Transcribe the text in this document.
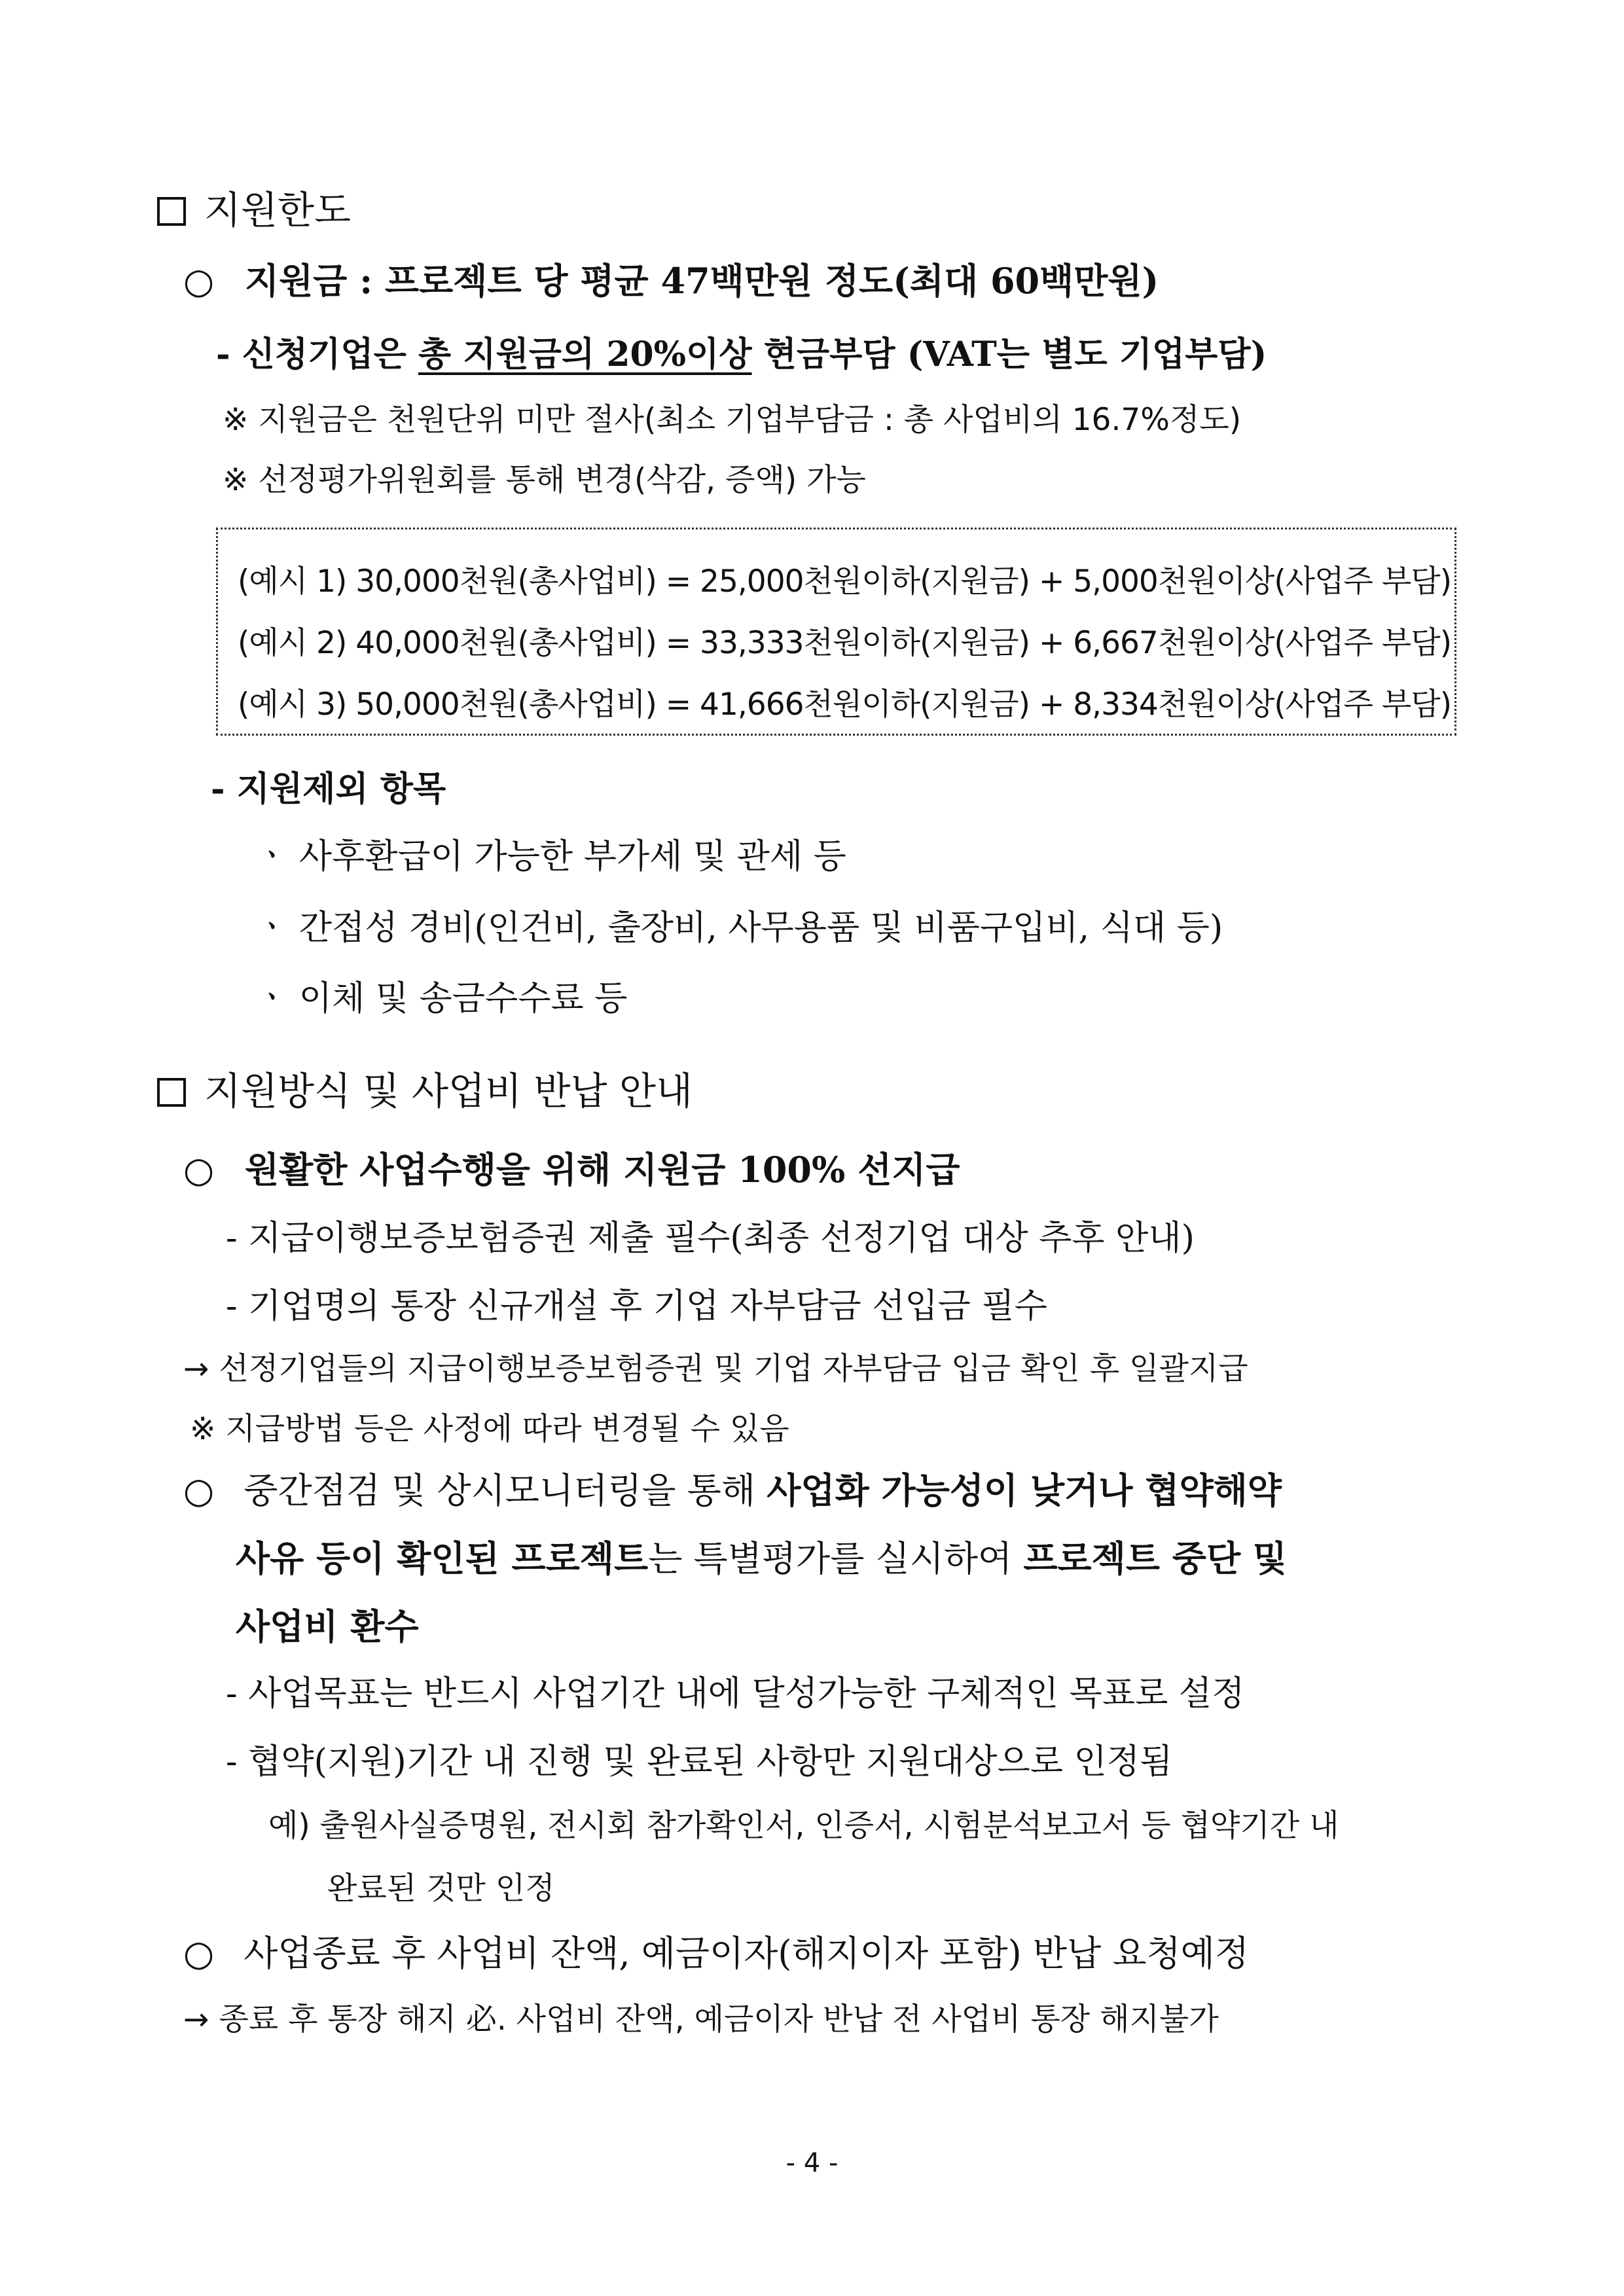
지원한도
○ 지원금 : 프로젝트 당 평균 47백만원 정도(최대 60백만원)
- 신청기업은 총 지원금의 20%이상 현금부담 (VAT는 별도 기업부담)
※ 지원금은 천원단위 미만 절사(최소 기업부담금 : 총 사업비의 16.7%정도)
※ 선정평가위원회를 통해 변경(삭감, 증액) 가능
(예시 1) 30,000천원(총사업비) = 25,000천원이하(지원금) + 5,000천원이상(사업주 부담)
(예시 2) 40,000천원(총사업비) = 33,333천원이하(지원금) + 6,667천원이상(사업주 부담)
(예시 3) 50,000천원(총사업비) = 41,666천원이하(지원금) + 8,334천원이상(사업주 부담)
- 지원제외 항목
ㆍ 사후환급이 가능한 부가세 및 관세 등
ㆍ 간접성 경비(인건비, 출장비, 사무용품 및 비품구입비, 식대 등)
ㆍ 이체 및 송금수수료 등
지원방식 및 사업비 반납 안내
○ 원활한 사업수행을 위해 지원금 100% 선지급
- 지급이행보증보험증권 제출 필수(최종 선정기업 대상 추후 안내)
- 기업명의 통장 신규개설 후 기업 자부담금 선입금 필수
→ 선정기업들의 지급이행보증보험증권 및 기업 자부담금 입금 확인 후 일괄지급
※ 지급방법 등은 사정에 따라 변경될 수 있음
○ 중간점검 및 상시모니터링을 통해 사업화 가능성이 낮거나 협약해약
사유 등이 확인된 프로젝트는 특별평가를 실시하여 프로젝트 중단 및
사업비 환수
- 사업목표는 반드시 사업기간 내에 달성가능한 구체적인 목표로 설정
- 협약(지원)기간 내 진행 및 완료된 사항만 지원대상으로 인정됨
예) 출원사실증명원, 전시회 참가확인서, 인증서, 시험분석보고서 등 협약기간 내
완료된 것만 인정
○ 사업종료 후 사업비 잔액, 예금이자(해지이자 포함) 반납 요청예정
→ 종료 후 통장 해지 必. 사업비 잔액, 예금이자 반납 전 사업비 통장 해지불가
- 4 -
